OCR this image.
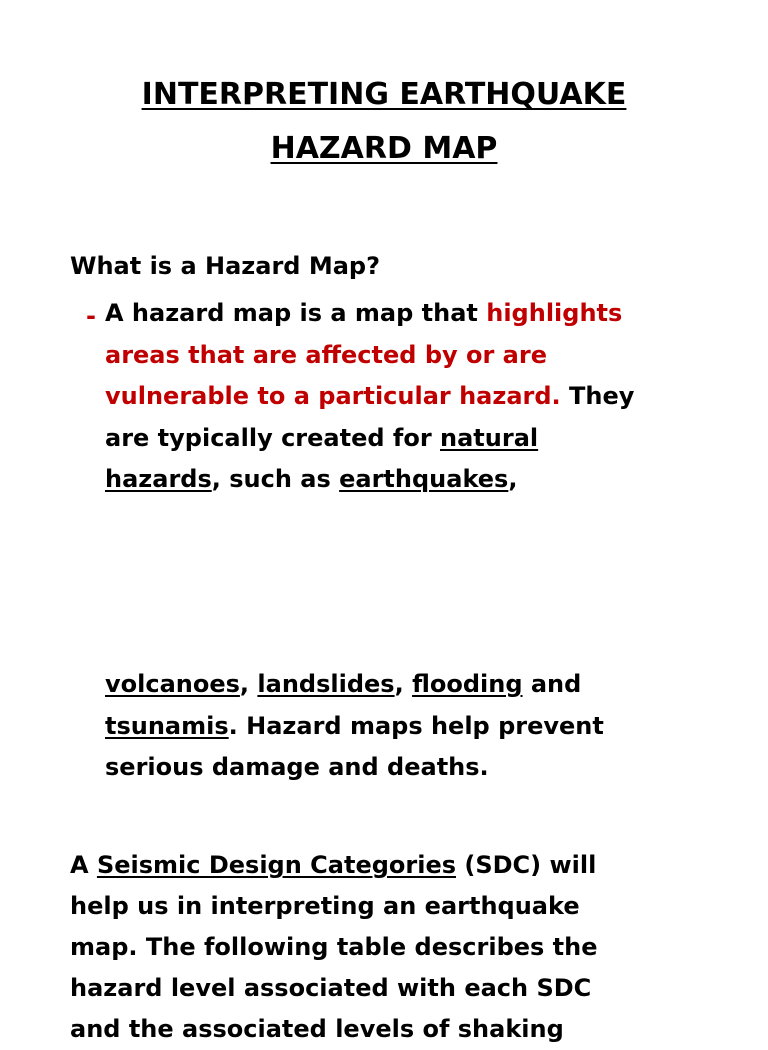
INTERPRETING EARTHQUAKE
HAZARD MAP
What is a Hazard Map?
- A hazard map is a map that highlights
areas that are affected by or are
vulnerable to a particular hazard. They
are typically created for natural
hazards, such as earthquakes,
volcanoes, landslides, flooding and
tsunamis. Hazard maps help prevent
serious damage and deaths.
A Seismic Design Categories (SDC) will
help us in interpreting an earthquake
map. The following table describes the
hazard level associated with each SDC
and the associated levels of shaking
